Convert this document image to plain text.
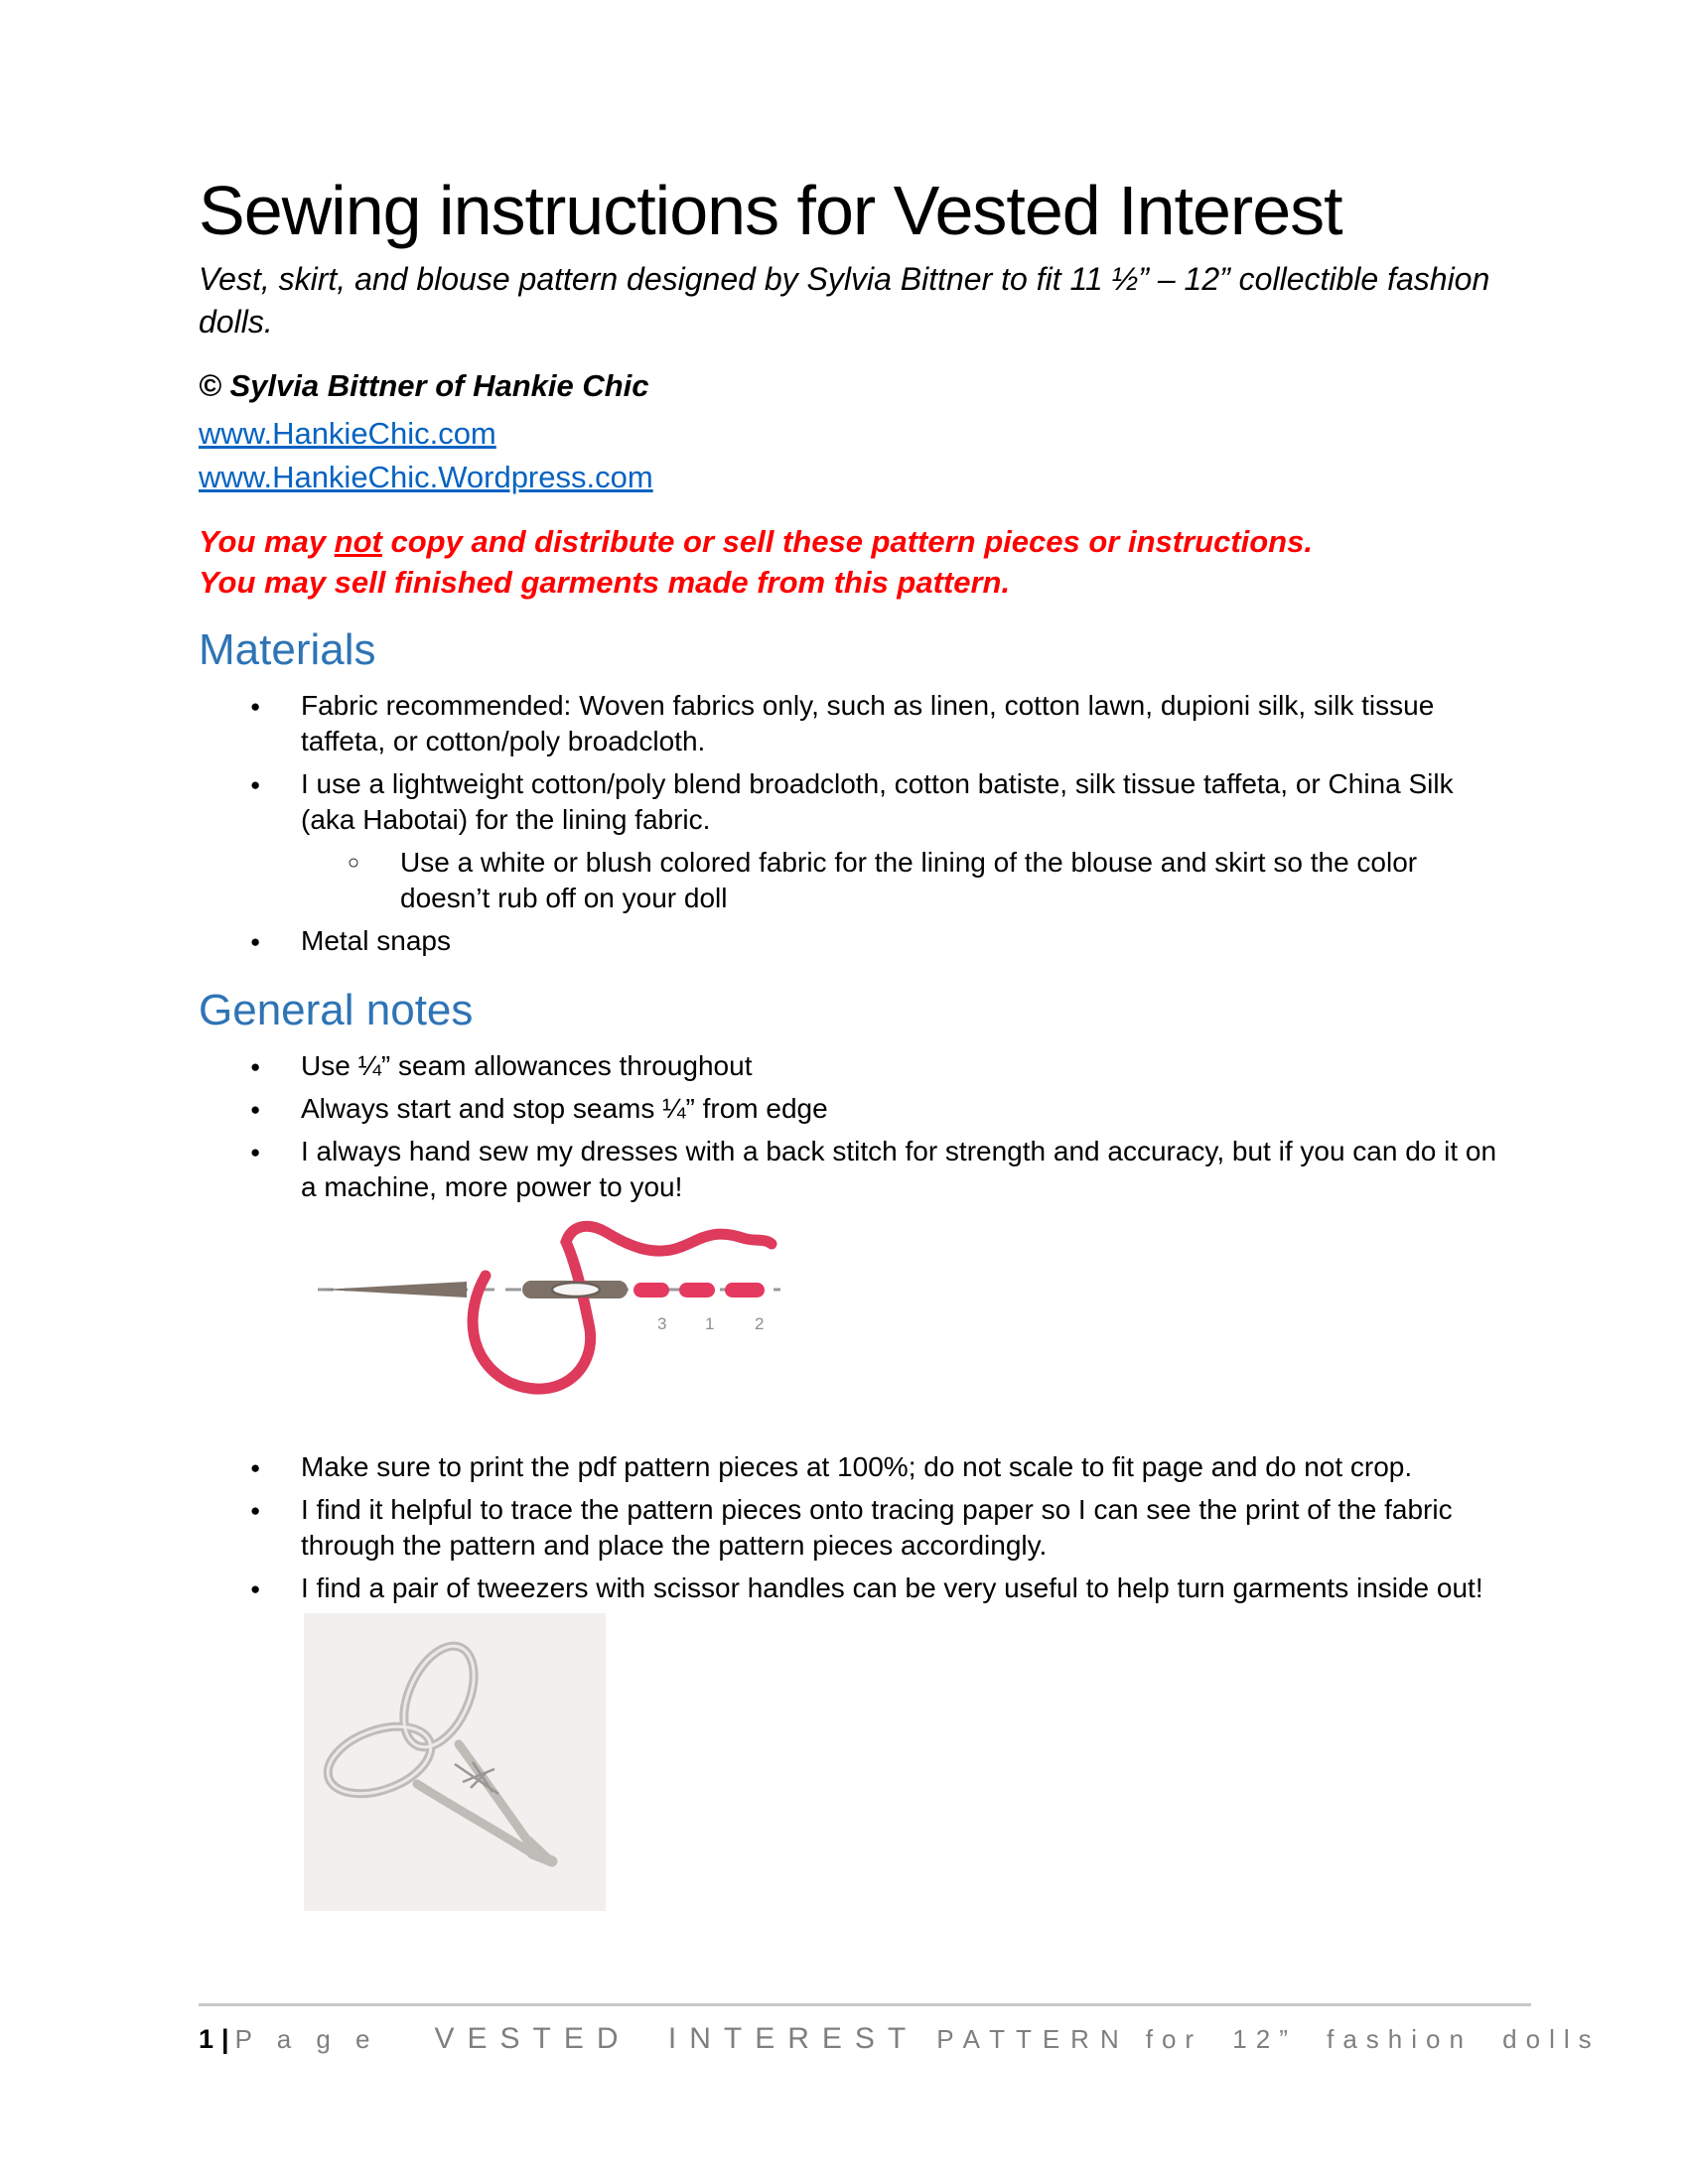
Sewing instructions for Vested Interest

Vest, skirt, and blouse pattern designed by Sylvia Bittner to fit 11 ½” – 12” collectible fashion
dolls.

© Sylvia Bittner of Hankie Chic

www.HankieChic.com
www.HankieChic.Wordpress.com
You may not copy and distribute or sell these pattern pieces or instructions.
You may sell finished garments made from this pattern.
Materials
● Fabric recommended: Woven fabrics only, such as linen, cotton lawn, dupioni silk, silk tissue taffeta, or cotton/poly broadcloth.
● I use a lightweight cotton/poly blend broadcloth, cotton batiste, silk tissue taffeta, or China Silk (aka Habotai) for the lining fabric.
○ Use a white or blush colored fabric for the lining of the blouse and skirt so the color doesn’t rub off on your doll
● Metal snaps
General notes
● Use ¼” seam allowances throughout
● Always start and stop seams ¼” from edge
● I always hand sew my dresses with a back stitch for strength and accuracy, but if you can do it on a machine, more power to you!
3 1 2
● Make sure to print the pdf pattern pieces at 100%; do not scale to fit page and do not crop.
● I find it helpful to trace the pattern pieces onto tracing paper so I can see the print of the fabric through the pattern and place the pattern pieces accordingly.
● I find a pair of tweezers with scissor handles can be very useful to help turn garments inside out!
1 | P a g e VESTED INTEREST PATTERN for 12” fashion dolls
